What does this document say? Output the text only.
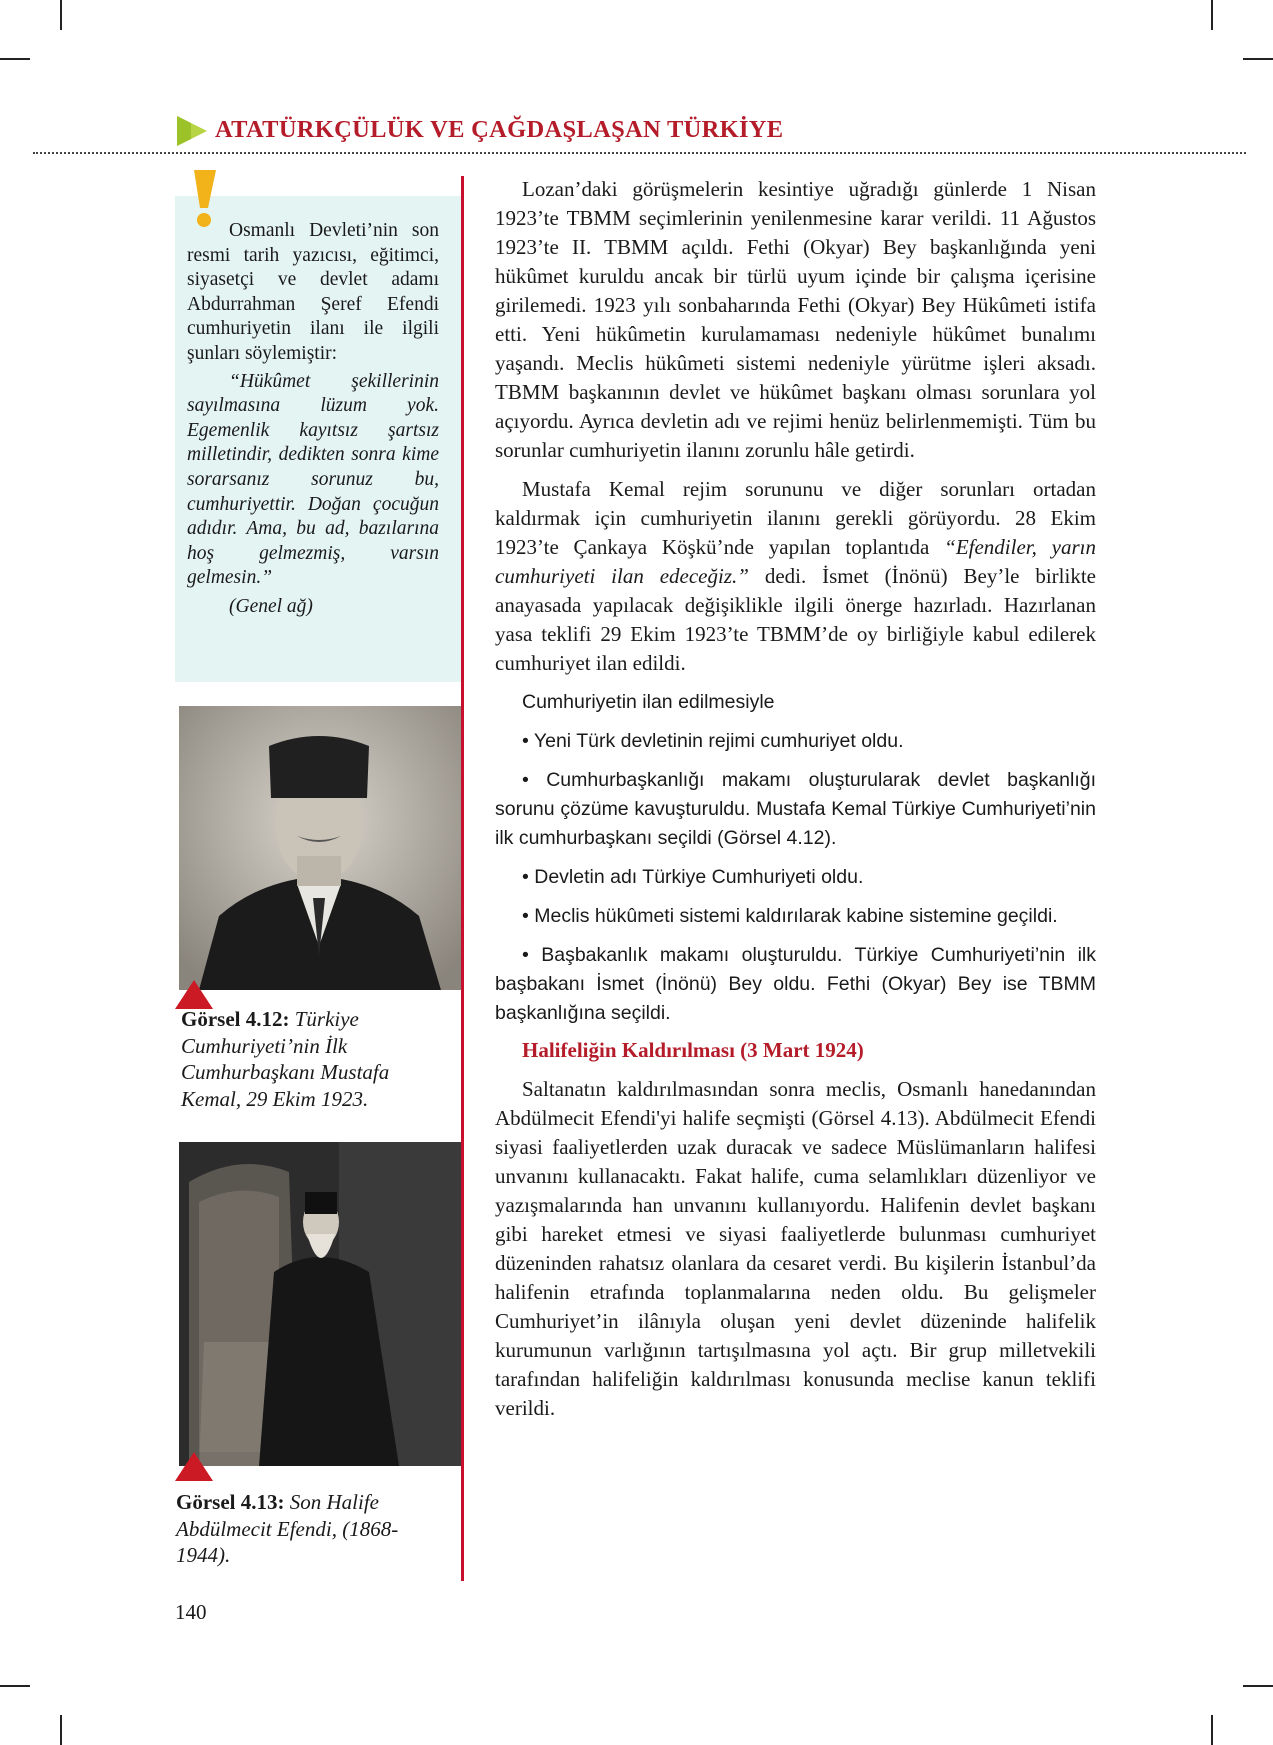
ATATÜRKÇÜLÜK VE ÇAĞDAŞLAŞAN TÜRKİYE

Osmanlı Devleti’nin son resmi tarih yazıcısı, eğitimci, siyasetçi ve devlet adamı Abdurrahman Şeref Efendi cumhuriyetin ilanı ile ilgili şunları söylemiştir:

“Hükûmet şekillerinin sayılmasına lüzum yok. Egemenlik kayıtsız şartsız milletindir, dedikten sonra kime sorarsanız sorunuz bu, cumhuriyettir. Doğan çocuğun adıdır. Ama, bu ad, bazılarına hoş gelmezmiş, varsın gelmesin.”

(Genel ağ)

Görsel 4.12: Türkiye Cumhuriyeti’nin İlk Cumhurbaşkanı Mustafa Kemal, 29 Ekim 1923.
Görsel 4.13: Son Halife Abdülmecit Efendi, (1868-1944).

Lozan’daki görüşmelerin kesintiye uğradığı günlerde 1 Nisan 1923’te TBMM seçimlerinin yenilenmesine karar verildi. 11 Ağustos 1923’te II. TBMM açıldı. Fethi (Okyar) Bey başkanlığında yeni hükûmet kuruldu ancak bir türlü uyum içinde bir çalışma içerisine girilemedi. 1923 yılı sonbaharında Fethi (Okyar) Bey Hükûmeti istifa etti. Yeni hükûmetin kurulamaması nedeniyle hükûmet bunalımı yaşandı. Meclis hükûmeti sistemi nedeniyle yürütme işleri aksadı. TBMM başkanının devlet ve hükûmet başkanı olması sorunlara yol açıyordu. Ayrıca devletin adı ve rejimi henüz belirlenmemişti. Tüm bu sorunlar cumhuriyetin ilanını zorunlu hâle getirdi.

Mustafa Kemal rejim sorununu ve diğer sorunları ortadan kaldırmak için cumhuriyetin ilanını gerekli görüyordu. 28 Ekim 1923’te Çankaya Köşkü’nde yapılan toplantıda “Efendiler, yarın cumhuriyeti ilan edeceğiz.” dedi. İsmet (İnönü) Bey’le birlikte anayasada yapılacak değişiklikle ilgili önerge hazırladı. Hazırlanan yasa teklifi 29 Ekim 1923’te TBMM’de oy birliğiyle kabul edilerek cumhuriyet ilan edildi.

Cumhuriyetin ilan edilmesiyle

• Yeni Türk devletinin rejimi cumhuriyet oldu.

• Cumhurbaşkanlığı makamı oluşturularak devlet başkanlığı sorunu çözüme kavuşturuldu. Mustafa Kemal Türkiye Cumhuriyeti’nin ilk cumhurbaşkanı seçildi (Görsel 4.12).

• Devletin adı Türkiye Cumhuriyeti oldu.

• Meclis hükûmeti sistemi kaldırılarak kabine sistemine geçildi.

• Başbakanlık makamı oluşturuldu. Türkiye Cumhuriyeti’nin ilk başbakanı İsmet (İnönü) Bey oldu. Fethi (Okyar) Bey ise TBMM başkanlığına seçildi.

Halifeliğin Kaldırılması (3 Mart 1924)

Saltanatın kaldırılmasından sonra meclis, Osmanlı hanedanından Abdülmecit Efendi'yi halife seçmişti (Görsel 4.13). Abdülmecit Efendi siyasi faaliyetlerden uzak duracak ve sadece Müslümanların halifesi unvanını kullanacaktı. Fakat halife, cuma selamlıkları düzenliyor ve yazışmalarında han unvanını kullanıyordu. Halifenin devlet başkanı gibi hareket etmesi ve siyasi faaliyetlerde bulunması cumhuriyet düzeninden rahatsız olanlara da cesaret verdi. Bu kişilerin İstanbul’da halifenin etrafında toplanmalarına neden oldu. Bu gelişmeler Cumhuriyet’in ilânıyla oluşan yeni devlet düzeninde halifelik kurumunun varlığının tartışılmasına yol açtı. Bir grup milletvekili tarafından halifeliğin kaldırılması konusunda meclise kanun teklifi verildi.

140
